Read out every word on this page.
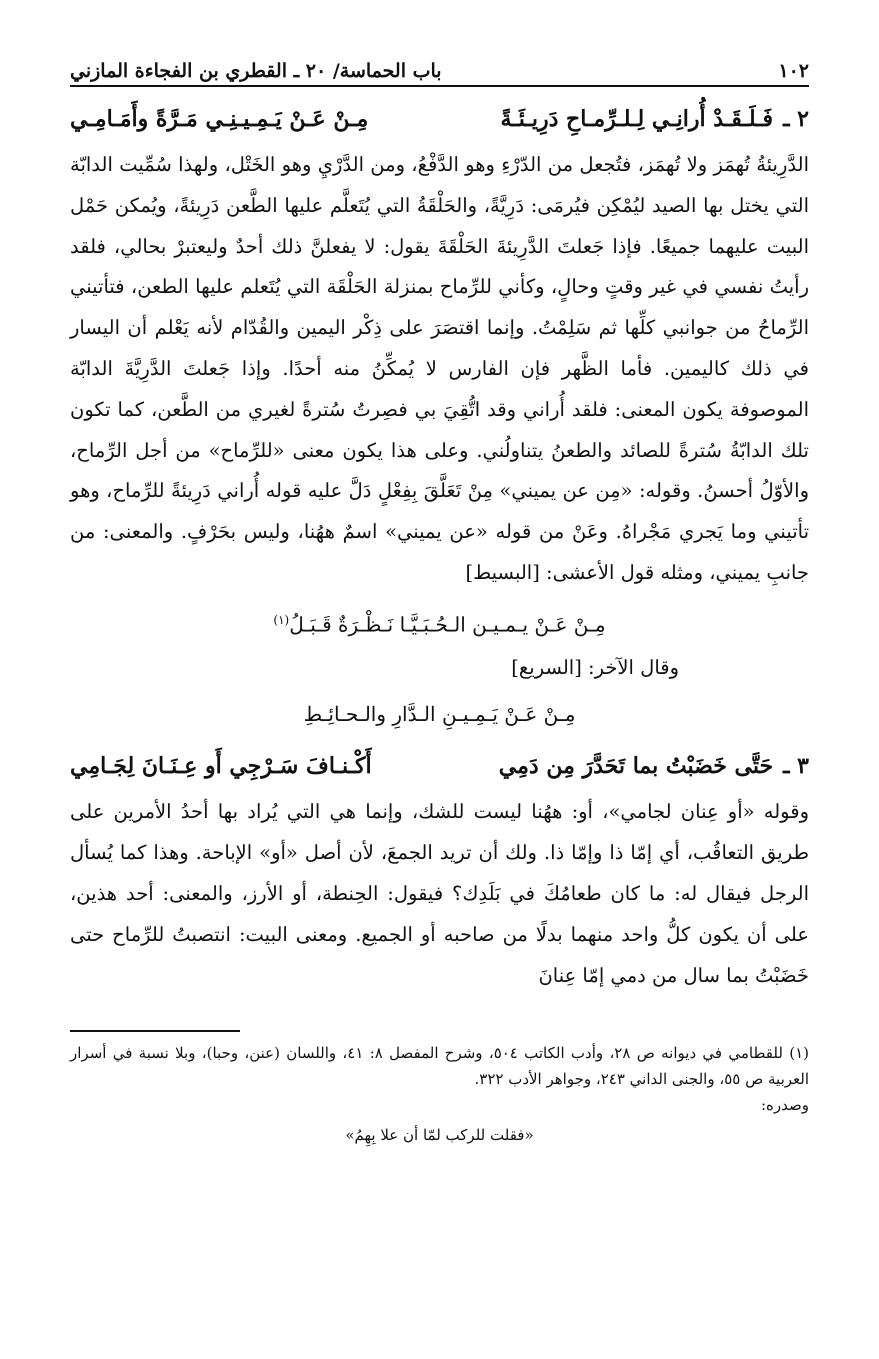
١٠٢
باب الحماسة/ ٢٠ ـ القطري بن الفجاءة المازني
٢ ـ
فَـلَـقَـدْ أُرانِـي لِـلـرِّمـاحِ دَرِيـئَـةً
مِـنْ عَـنْ يَـمِـيـنِـي مَـرَّةً وأَمَـامِـي

الدَّرِيئةُ تُهمَز ولا تُهمَز، فتُجعل من الدّرْءِ وهو الدَّفْعُ، ومن الدَّرْيِ وهو الخَتْل، ولهذا سُمِّيت الدابّة التي يختل بها الصيد ليُمْكِن فيُرمَى: دَرِيَّةً، والحَلْقَةُ التي يُتَعلَّم عليها الطَّعن دَرِيئةً، ويُمكن حَمْل البيت عليهما جميعًا. فإذا جَعلتَ الدَّرِيئةَ الحَلْقَةَ يقول: لا يفعلنَّ ذلك أحدٌ وليعتبرْ بحالي، فلقد رأيتُ نفسي في غير وقتٍ وحالٍ، وكأني للرِّماح بمنزلة الحَلْقَة التي يُتَعلم عليها الطعن، فتأتيني الرِّماحُ من جوانبي كلِّها ثم سَلِمْتُ. وإنما اقتصَرَ على ذِكْر اليمين والقُدّام لأنه يَعْلم أن اليسار في ذلك كاليمين. فأما الظَّهر فإن الفارس لا يُمكِّنُ منه أحدًا. وإذا جَعلتَ الدَّرِيَّةَ الدابّة الموصوفة يكون المعنى: فلقد أُراني وقد اتُّقِيَ بي فصِرتُ سُترةً لغيري من الطَّعن، كما تكون تلك الدابّةُ سُترةً للصائد والطعنُ يتناولُني. وعلى هذا يكون معنى «للرِّماح» من أجل الرِّماح، والأوّلُ أحسنُ. وقوله: «مِن عن يميني» مِنْ تَعَلَّقَ بِفِعْلٍ دَلَّ عليه قوله أُراني دَرِيئةً للرِّماح، وهو تأتيني وما يَجري مَجْراهُ. وعَنْ من قوله «عن يميني» اسمٌ ههُنا، وليس بحَرْفٍ. والمعنى: من جانبِ يميني، ومثله قول الأعشى: [البسيط]

مِـنْ عَـنْ يـمـيـن الـحُـبَـيَّـا نَـظْـرَةٌ قَـبَـلُ$^{(١)}$

وقال الآخر: [السريع]

مِـنْ عَـنْ يَـمِـيـنِ الـدَّارِ والـحـائِـطِ

٣ ـ
حَتَّى خَضَبْتُ بما تَحَدَّرَ مِن دَمِي
أَكْـنـافَ سَـرْجِي أَو عِـنَـانَ لِجَـامِي

وقوله «أو عِنان لجامي»، أو: ههُنا ليست للشك، وإنما هي التي يُراد بها أحدُ الأمرين على طريق التعاقُب، أي إمّا ذا وإمّا ذا. ولك أن تريد الجمعَ، لأن أصل «أو» الإباحة. وهذا كما يُسأل الرجل فيقال له: ما كان طعامُكَ في بَلَدِك؟ فيقول: الحِنطة، أو الأرز، والمعنى: أحد هذين، على أن يكون كلُّ واحد منهما بدلًا من صاحبه أو الجميع. ومعنى البيت: انتصبتُ للرِّماح حتى خَضَبْتُ بما سال من دمي إمّا عِنانَ

(١) للقطامي في ديوانه ص ٢٨، وأدب الكاتب ٥٠٤، وشرح المفصل ٨: ٤١، واللسان (عنن، وحبا)، وبلا نسبة في أسرار العربية ص ٥٥، والجنى الداني ٢٤٣، وجواهر الأدب ٣٢٢.
وصدره:
«فقلت للركب لمّا أن علا بِهِمُ»
